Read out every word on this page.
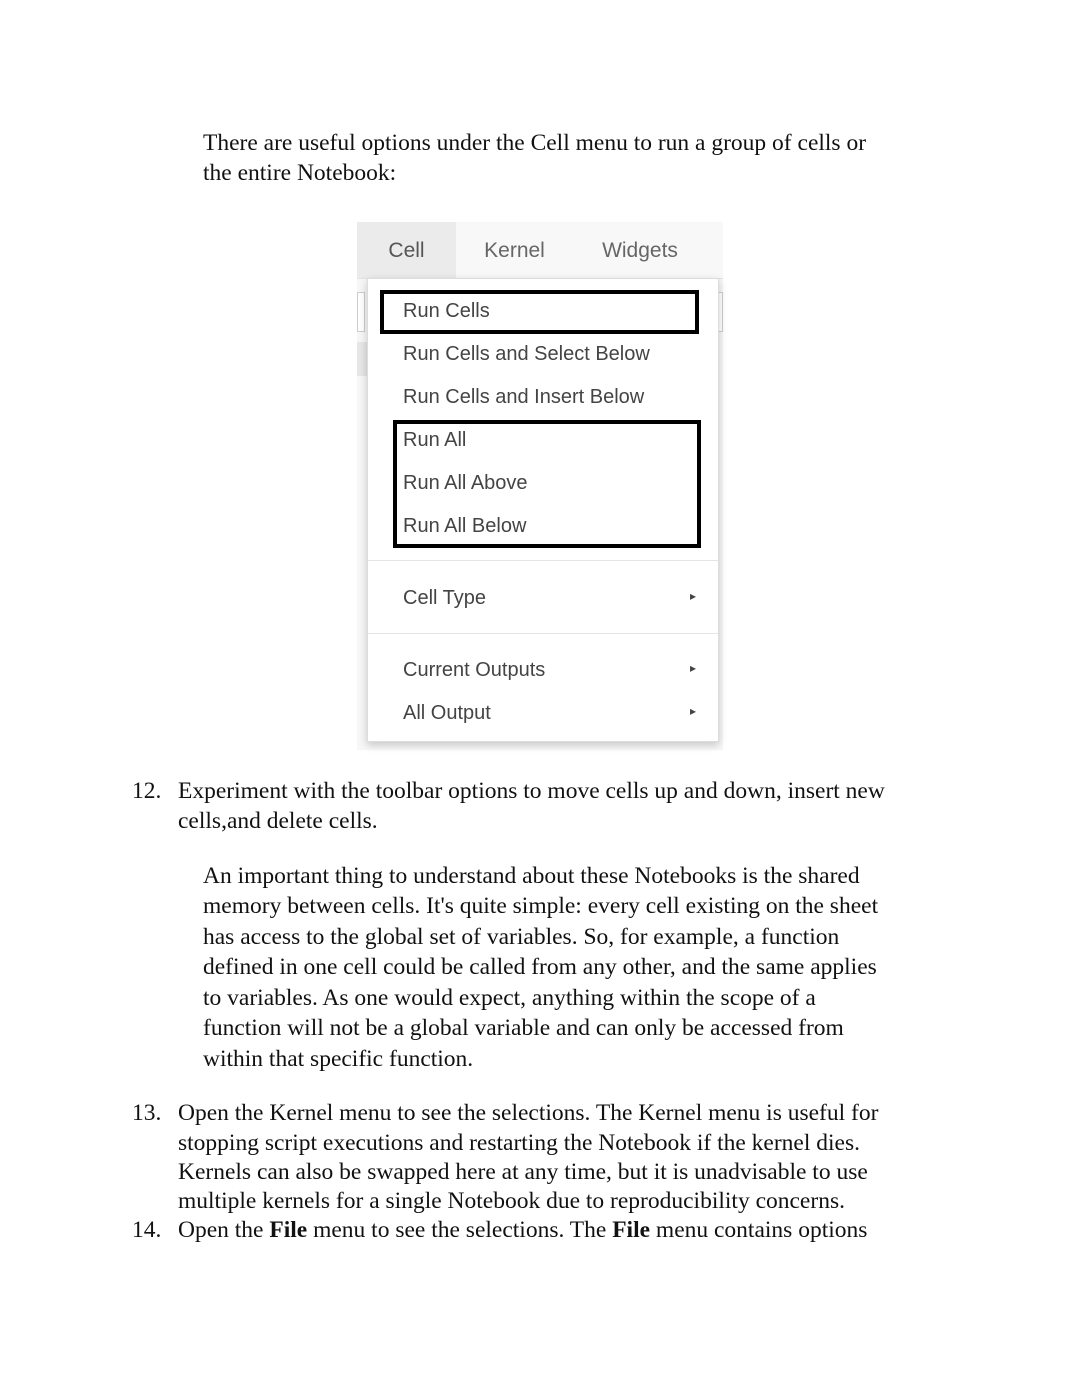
There are useful options under the Cell menu to run a group of cells or
the entire Notebook:
Cell	Kernel	Widgets
Run Cells
Run Cells and Select Below
Run Cells and Insert Below
Run All
Run All Above
Run All Below
Cell Type	▸
Current Outputs	▸
All Output	▸
12. Experiment with the toolbar options to move cells up and down, insert new
cells,and delete cells.
An important thing to understand about these Notebooks is the shared
memory between cells. It's quite simple: every cell existing on the sheet
has access to the global set of variables. So, for example, a function
defined in one cell could be called from any other, and the same applies
to variables. As one would expect, anything within the scope of a
function will not be a global variable and can only be accessed from
within that specific function.
13. Open the Kernel menu to see the selections. The Kernel menu is useful for
stopping script executions and restarting the Notebook if the kernel dies.
Kernels can also be swapped here at any time, but it is unadvisable to use
multiple kernels for a single Notebook due to reproducibility concerns.
14. Open the File menu to see the selections. The File menu contains options
